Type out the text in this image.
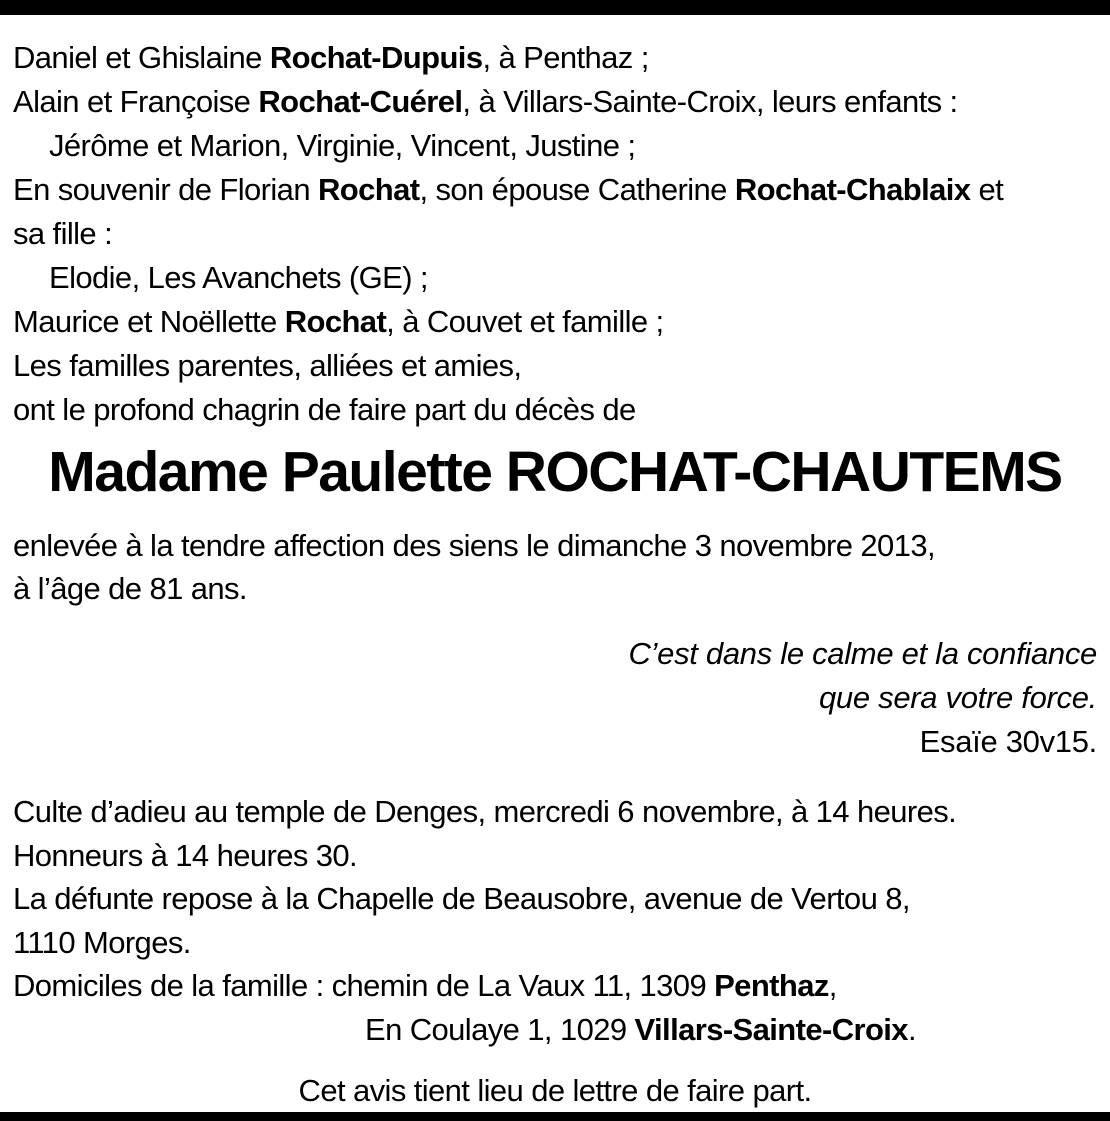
Daniel et Ghislaine Rochat-Dupuis, à Penthaz ;
Alain et Françoise Rochat-Cuérel, à Villars-Sainte-Croix, leurs enfants :
Jérôme et Marion, Virginie, Vincent, Justine ;
En souvenir de Florian Rochat, son épouse Catherine Rochat-Chablaix et
sa fille :
Elodie, Les Avanchets (GE) ;
Maurice et Noëllette Rochat, à Couvet et famille ;
Les familles parentes, alliées et amies,
ont le profond chagrin de faire part du décès de
Madame Paulette ROCHAT-CHAUTEMS
enlevée à la tendre affection des siens le dimanche 3 novembre 2013,
à l’âge de 81 ans.
C’est dans le calme et la confiance
que sera votre force.
Esaïe 30v15.
Culte d’adieu au temple de Denges, mercredi 6 novembre, à 14 heures.
Honneurs à 14 heures 30.
La défunte repose à la Chapelle de Beausobre, avenue de Vertou 8,
1110 Morges.
Domiciles de la famille : chemin de La Vaux 11, 1309 Penthaz,
En Coulaye 1, 1029 Villars-Sainte-Croix.
Cet avis tient lieu de lettre de faire part.
